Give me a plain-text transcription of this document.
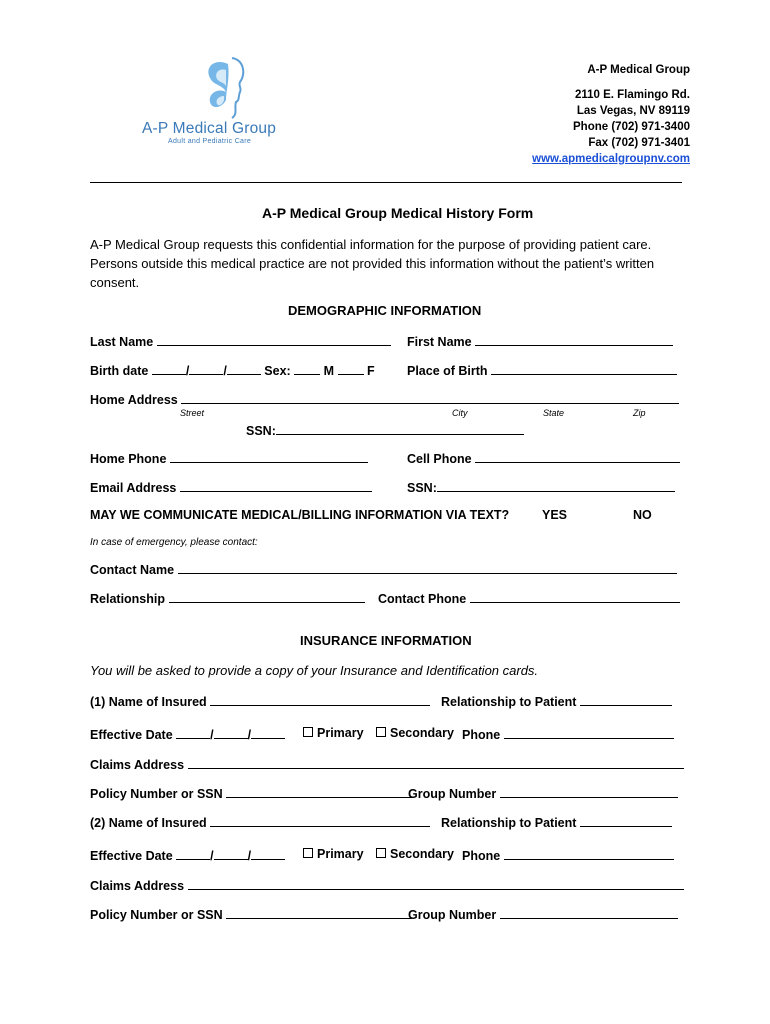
A-P Medical Group
Adult and Pediatric Care
A-P Medical Group
2110 E. Flamingo Rd.
Las Vegas, NV 89119
Phone (702) 971-3400
Fax (702) 971-3401
www.apmedicalgroupnv.com
A-P Medical Group Medical History Form
A-P Medical Group requests this confidential information for the purpose of providing patient care. Persons outside this medical practice are not provided this information without the patient’s written consent.
DEMOGRAPHIC INFORMATION
Last Name	First Name
Birth date	/	/	Sex:	M	F	Place of Birth
Home Address
Street	City	State	Zip
SSN:
Home Phone	Cell Phone
Email Address	SSN:
MAY WE COMMUNICATE MEDICAL/BILLING INFORMATION VIA TEXT?	YES	NO
In case of emergency, please contact:
Contact Name
Relationship	Contact Phone
INSURANCE INFORMATION
You will be asked to provide a copy of your Insurance and Identification cards.
(1) Name of Insured	Relationship to Patient
Effective Date	/	/	Primary	Secondary Phone
Claims Address
Policy Number or SSN	Group Number
(2) Name of Insured	Relationship to Patient
Effective Date	/	/	Primary	Secondary Phone
Claims Address
Policy Number or SSN	Group Number
